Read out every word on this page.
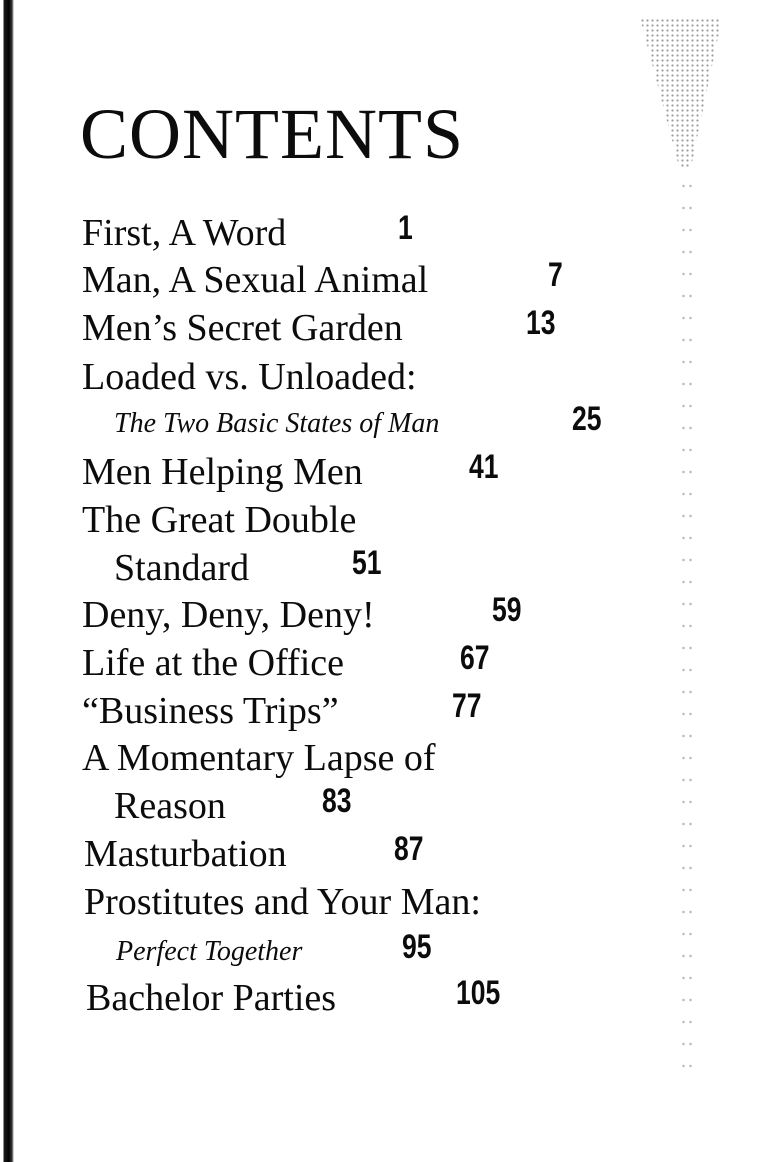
CONTENTS
First, A Word	1
Man, A Sexual Animal	7
Men’s Secret Garden	13
Loaded vs. Unloaded:
The Two Basic States of Man	25
Men Helping Men	41
The Great Double
Standard	51
Deny, Deny, Deny!	59
Life at the Office	67
“Business Trips”	77
A Momentary Lapse of
Reason	83
Masturbation	87
Prostitutes and Your Man:
Perfect Together	95
Bachelor Parties	105
